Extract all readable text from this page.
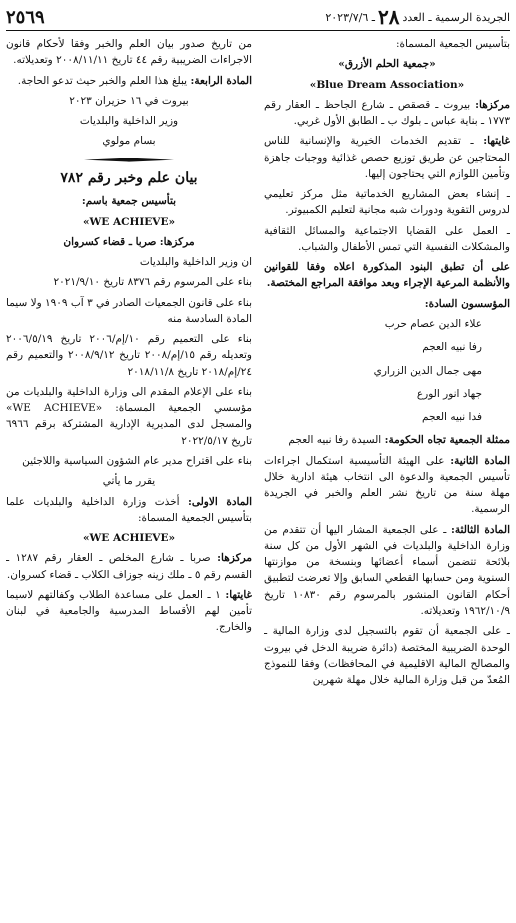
الجريدة الرسمية ـ العدد
٢٨
ـ ٢٠٢٣/٧/٦
٢٥٦٩

بتأسيس الجمعية المسماة:

«جمعية الحلم الأزرق»

«Blue Dream Association»

مركزها: بيروت ـ قصقص ـ شارع الجاحظ ـ العقار رقم ١٧٧٣ ـ بناية عباس ـ بلوك ب ـ الطابق الأول غربي.

غايتها: ـ تقديم الخدمات الخيرية والإنسانية للناس المحتاجين عن طريق توزيع حصص غذائية ووجبات جاهزة وتأمين اللوازم التي يحتاجون إليها.

ـ إنشاء بعض المشاريع الخدماتية مثل مركز تعليمي لدروس التقوية ودورات شبه مجانية لتعليم الكمبيوتر.

ـ العمل على القضايا الاجتماعية والمسائل الثقافية والمشكلات النفسية التي تمس الأطفال والشباب.

على أن تطبق البنود المذكورة اعلاه وفقا للقوانين والأنظمة المرعية الإجراء وبعد موافقة المراجع المختصة.

المؤسسون السادة:

علاء الدين عصام حرب
رفا نبيه العجم
مهى جمال الدين الزراري
جهاد انور الورع
فدا نبيه العجم

ممثلة الجمعية تجاه الحكومة: السيدة رفا نبيه العجم

المادة الثانية: على الهيئة التأسيسية استكمال اجراءات تأسيس الجمعية والدعوة الى انتخاب هيئة ادارية خلال مهلة سنة من تاريخ نشر العلم والخبر في الجريدة الرسمية.

المادة الثالثة: ـ على الجمعية المشار اليها أن تتقدم من وزارة الداخلية والبلديات في الشهر الأول من كل سنة بلائحة تتضمن أسماء أعضائها وبنسخة من موازنتها السنوية ومن حسابها القطعي السابق وإلا تعرضت لتطبيق أحكام القانون المنشور بالمرسوم رقم ١٠٨٣٠ تاريخ ١٩٦٢/١٠/٩ وتعديلاته.

ـ على الجمعية أن تقوم بالتسجيل لدى وزارة المالية ـ الوحدة الضريبية المختصة (دائرة ضريبة الدخل في بيروت والمصالح المالية الاقليمية في المحافظات) وفقا للنموذج المُعدّ من قبل وزارة المالية خلال مهلة شهرين

من تاريخ صدور بيان العلم والخبر وفقا لأحكام قانون الاجراءات الضريبية رقم ٤٤ تاريخ ٢٠٠٨/١١/١١ وتعديلاته.

المادة الرابعة: يبلغ هذا العلم والخبر حيث تدعو الحاجة.

بيروت في ١٦ حزيران ٢٠٢٣

وزير الداخلية والبلديات

بسام مولوي

بيان علم وخبر رقم ٧٨٢

بتأسيس جمعية باسم:

«WE ACHIEVE»

مركزها: صربا ـ قضاء كسروان

ان وزير الداخلية والبلديات

بناء على المرسوم رقم ٨٣٧٦ تاريخ ٢٠٢١/٩/١٠

بناء على قانون الجمعيات الصادر في ٣ آب ١٩٠٩ ولا سيما المادة السادسة منه

بناء على التعميم رقم ١٠/إم/٢٠٠٦ تاريخ ٢٠٠٦/٥/١٩ وتعديله رقم ١٥/إم/٢٠٠٨ تاريخ ٢٠٠٨/٩/١٢ والتعميم رقم ٢٤/إم/٢٠١٨ تاريخ ٢٠١٨/١١/٨

بناء على الإعلام المقدم الى وزارة الداخلية والبلديات من مؤسسي الجمعية المسماة: «WE ACHIEVE» والمسجل لدى المديرية الإدارية المشتركة برقم ٦٩٦٦ تاريخ ٢٠٢٢/٥/١٧

بناء على اقتراح مدير عام الشؤون السياسية واللاجئين

يقرر ما يأتي

المادة الاولى: أخذت وزارة الداخلية والبلديات علما بتأسيس الجمعية المسماة:

«WE ACHIEVE»

مركزها: صربا ـ شارع المخلص ـ العقار رقم ١٢٨٧ ـ القسم رقم ٥ ـ ملك زينه جوزاف الكلاب ـ قضاء كسروان.

غايتها: ١ ـ العمل على مساعدة الطلاب وكفالتهم لاسيما تأمين لهم الأقساط المدرسية والجامعية في لبنان والخارج.
